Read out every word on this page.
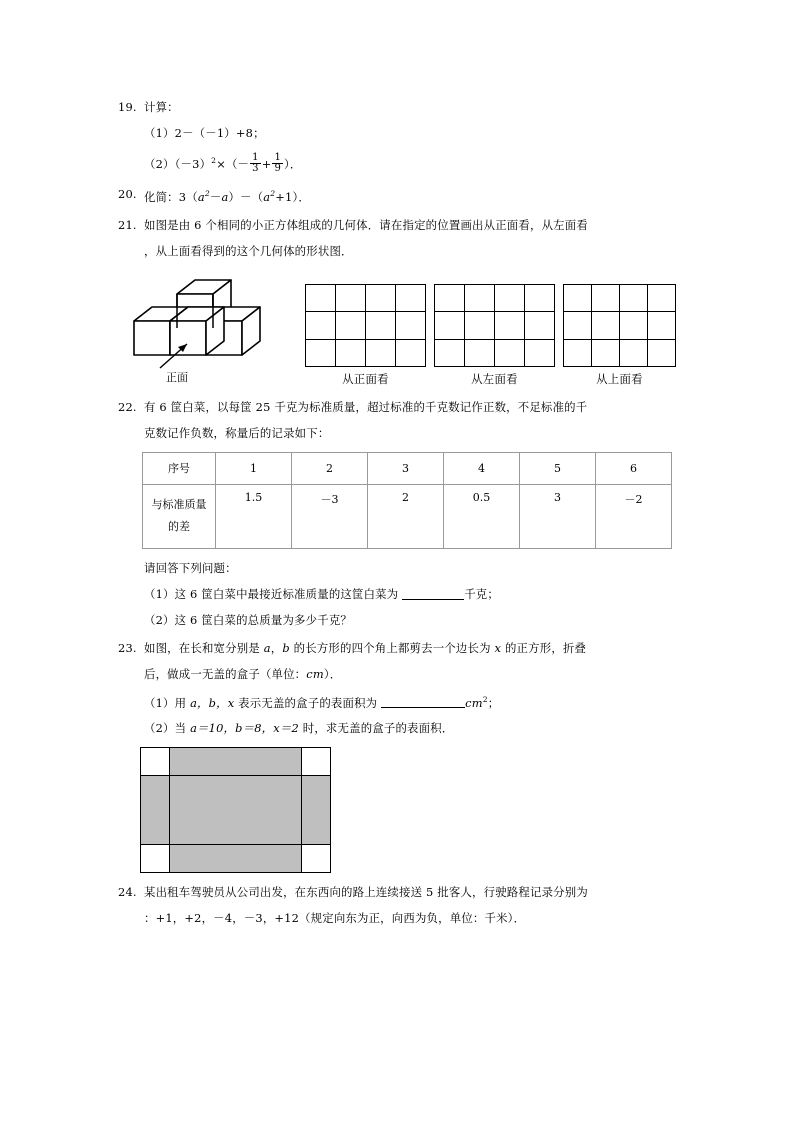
19. 计算：
（1）2－（－1）+8；
$(2)(-3)^2\times(- \frac{1}{3} + \frac{1}{9}$ ）．
20. 化简：$3(a^2-a)-(a^2+1)$．
21. 如图是由 6 个相同的小正方体组成的几何体．请在指定的位置画出从正面看，从左面看
，从上面看得到的这个几何体的形状图．
正面

				从正面看

				从左面看

				从上面看
22. 有 6 筐白菜，以每筐 25 千克为标准质量，超过标准的千克数记作正数，不足标准的千
克数记作负数，称量后的记录如下：
序号	1	2	3	4	5	6

与标准质量
的差	1.5	－3	2	0.5	3	－2
请回答下列问题：
（1）这 6 筐白菜中最接近标准质量的这筐白菜为	千克；
（2）这 6 筐白菜的总质量为多少千克？
23. 如图，在长和宽分别是 a，b 的长方形的四个角上都剪去一个边长为 x 的正方形，折叠
后，做成一无盖的盒子（单位：cm）．
（1）用 a，b，x 表示无盖的盒子的表面积为	$cm^2$；
（2）当 a＝10，b＝8，x＝2 时，求无盖的盒子的表面积．

24. 某出租车驾驶员从公司出发，在东西向的路上连续接送 5 批客人，行驶路程记录分别为
：+1，+2，－4，－3，+12（规定向东为正，向西为负，单位：千米）．
